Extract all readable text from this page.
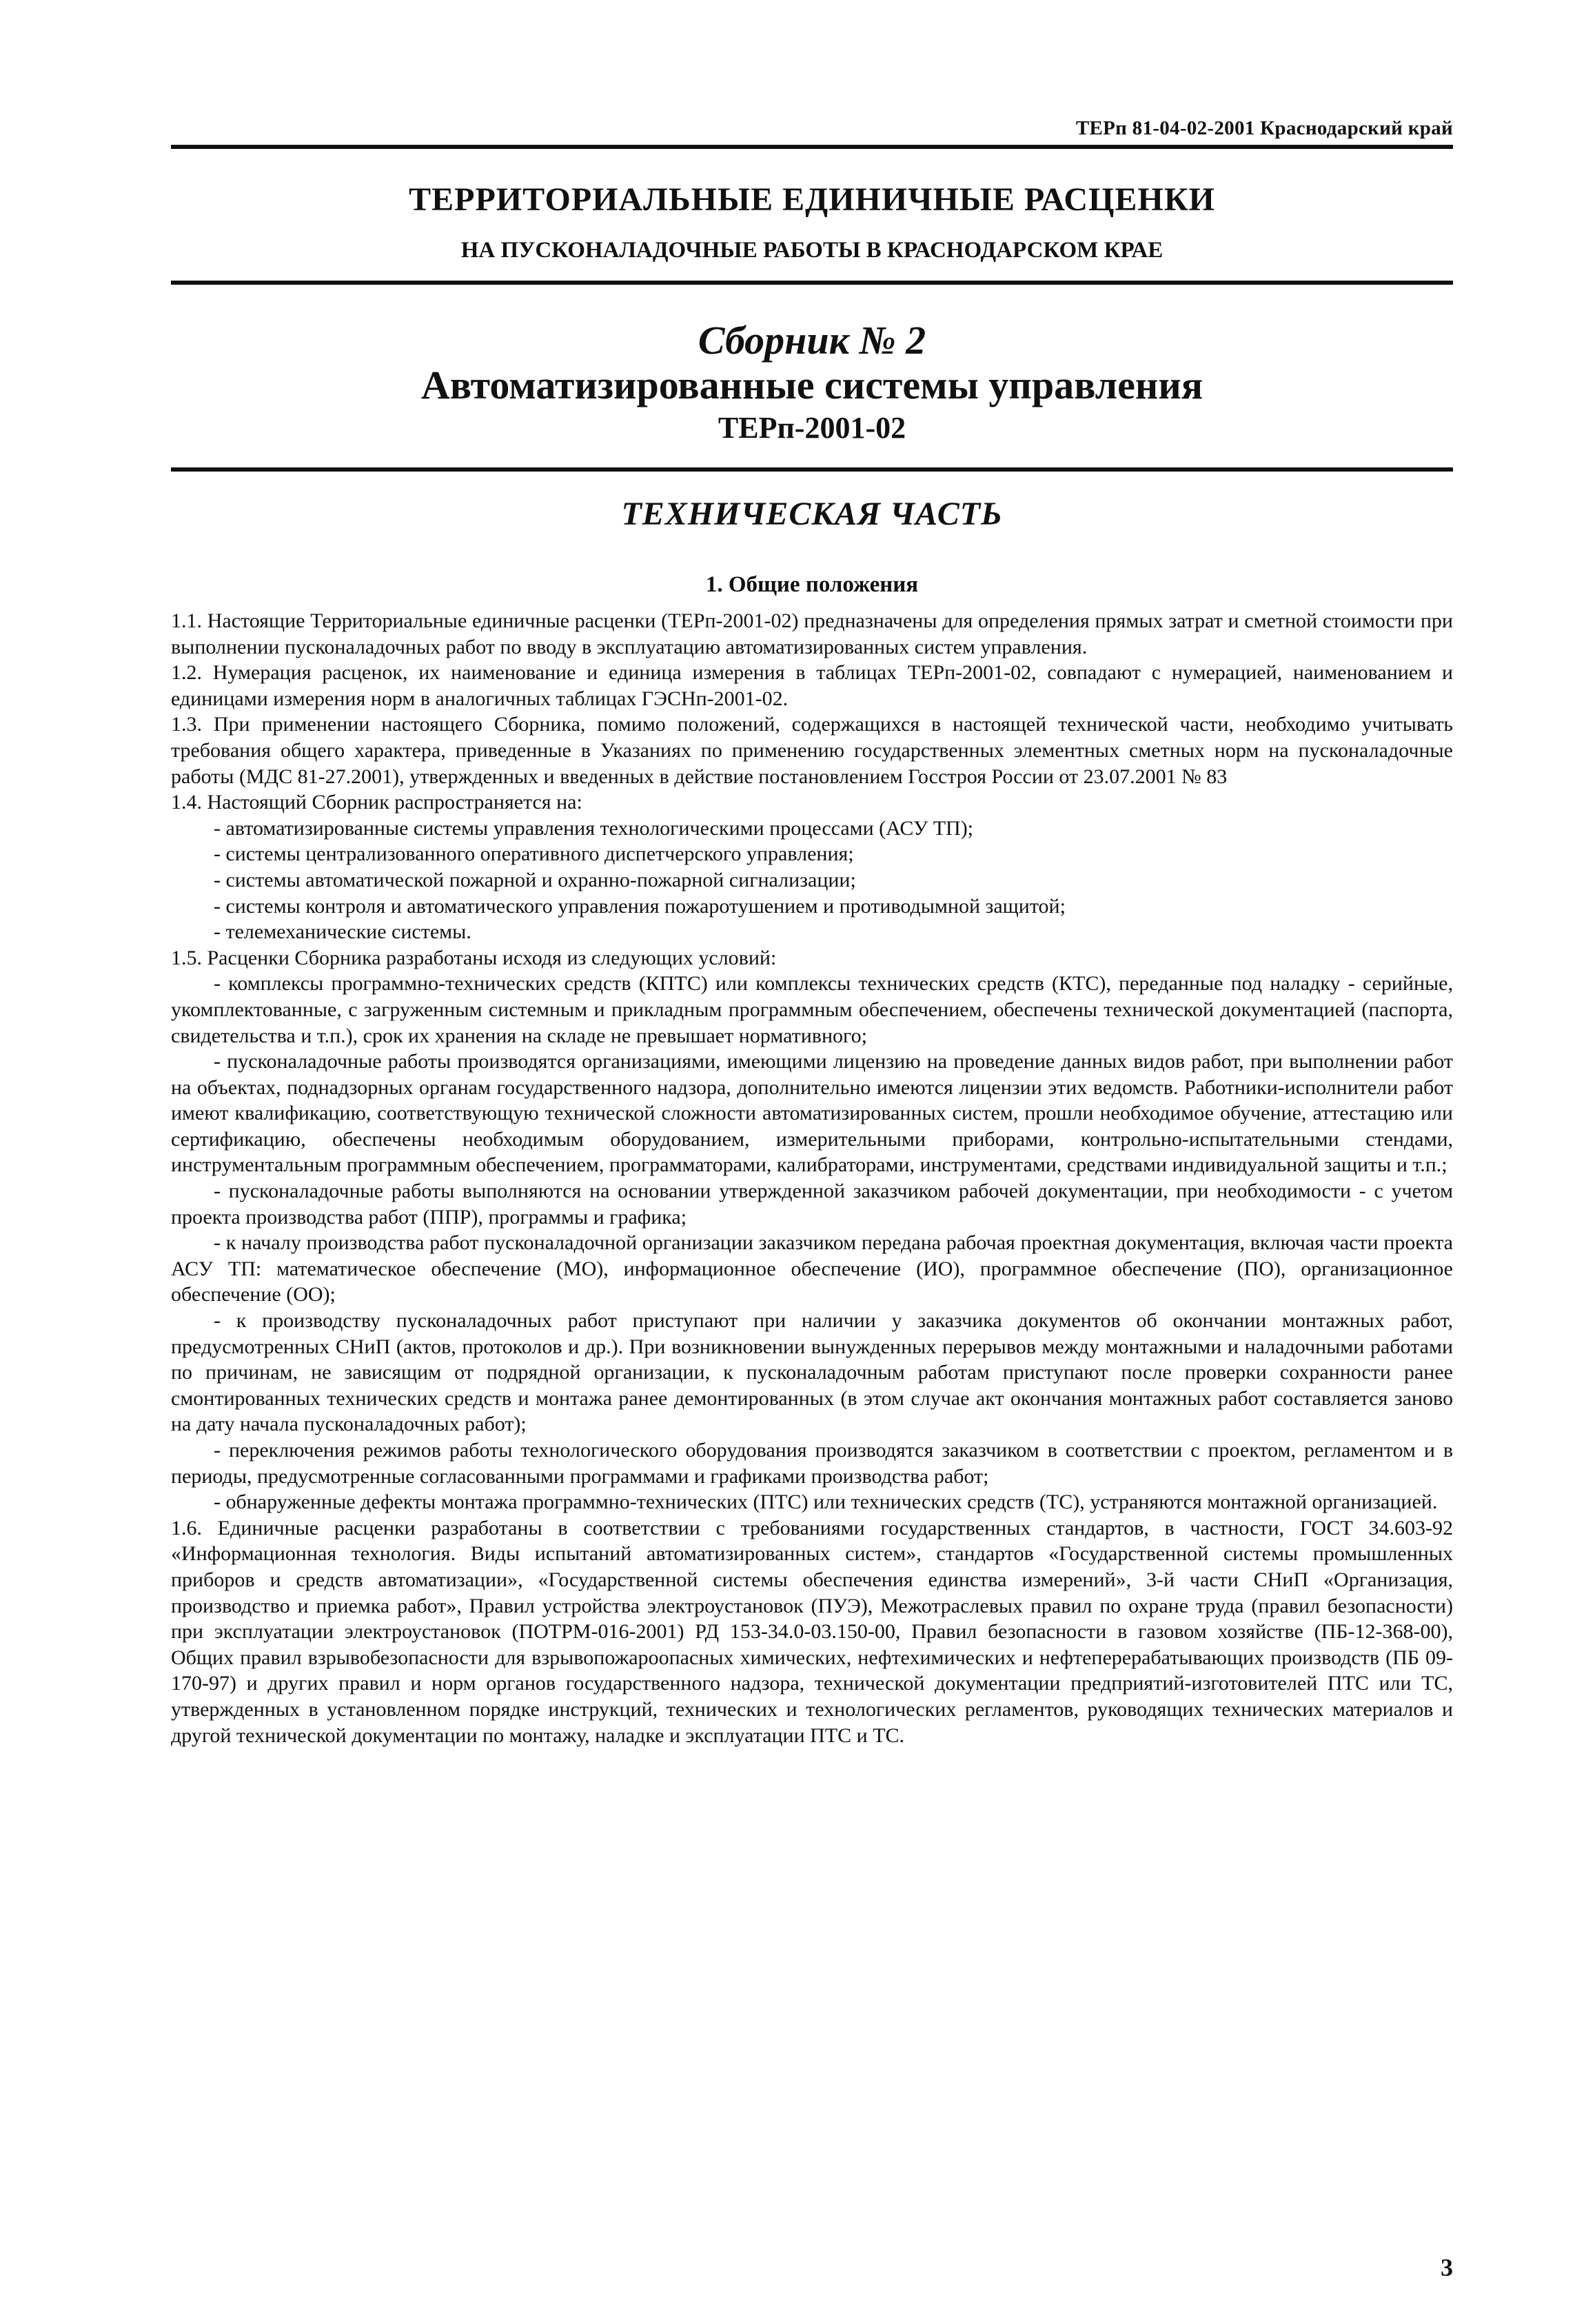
ТЕРп 81-04-02-2001 Краснодарский край
ТЕРРИТОРИАЛЬНЫЕ ЕДИНИЧНЫЕ РАСЦЕНКИ
НА ПУСКОНАЛАДОЧНЫЕ РАБОТЫ В КРАСНОДАРСКОМ КРАЕ
Сборник № 2
Автоматизированные системы управления
ТЕРп-2001-02
ТЕХНИЧЕСКАЯ ЧАСТЬ
1. Общие положения

1.1. Настоящие Территориальные единичные расценки (ТЕРп-2001-02) предназначены для определения прямых затрат и сметной стоимости при выполнении пусконаладочных работ по вводу в эксплуатацию автоматизированных систем управления.

1.2. Нумерация расценок, их наименование и единица измерения в таблицах ТЕРп-2001-02, совпадают с нумерацией, наименованием и единицами измерения норм в аналогичных таблицах ГЭСНп-2001-02.

1.3. При применении настоящего Сборника, помимо положений, содержащихся в настоящей технической части, необходимо учитывать требования общего характера, приведенные в Указаниях по применению государственных элементных сметных норм на пусконаладочные работы (МДС 81-27.2001), утвержденных и введенных в действие постановлением Госстроя России от 23.07.2001 № 83

1.4. Настоящий Сборник распространяется на:

- автоматизированные системы управления технологическими процессами (АСУ ТП);

- системы централизованного оперативного диспетчерского управления;

- системы автоматической пожарной и охранно-пожарной сигнализации;

- системы контроля и автоматического управления пожаротушением и противодымной защитой;

- телемеханические системы.

1.5. Расценки Сборника разработаны исходя из следующих условий:

- комплексы программно-технических средств (КПТС) или комплексы технических средств (КТС), переданные под наладку - серийные, укомплектованные, с загруженным системным и прикладным программным обеспечением, обеспечены технической документацией (паспорта, свидетельства и т.п.), срок их хранения на складе не превышает нормативного;

- пусконаладочные работы производятся организациями, имеющими лицензию на проведение данных видов работ, при выполнении работ на объектах, поднадзорных органам государственного надзора, дополнительно имеются лицензии этих ведомств. Работники-исполнители работ имеют квалификацию, соответствующую технической сложности автоматизированных систем, прошли необходимое обучение, аттестацию или сертификацию, обеспечены необходимым оборудованием, измерительными приборами, контрольно-испытательными стендами, инструментальным программным обеспечением, программаторами, калибраторами, инструментами, средствами индивидуальной защиты и т.п.;

- пусконаладочные работы выполняются на основании утвержденной заказчиком рабочей документации, при необходимости - с учетом проекта производства работ (ППР), программы и графика;

- к началу производства работ пусконаладочной организации заказчиком передана рабочая проектная документация, включая части проекта АСУ ТП: математическое обеспечение (МО), информационное обеспечение (ИО), программное обеспечение (ПО), организационное обеспечение (ОО);

- к производству пусконаладочных работ приступают при наличии у заказчика документов об окончании монтажных работ, предусмотренных СНиП (актов, протоколов и др.). При возникновении вынужденных перерывов между монтажными и наладочными работами по причинам, не зависящим от подрядной организации, к пусконаладочным работам приступают после проверки сохранности ранее смонтированных технических средств и монтажа ранее демонтированных (в этом случае акт окончания монтажных работ составляется заново на дату начала пусконаладочных работ);

- переключения режимов работы технологического оборудования производятся заказчиком в соответствии с проектом, регламентом и в периоды, предусмотренные согласованными программами и графиками производства работ;

- обнаруженные дефекты монтажа программно-технических (ПТС) или технических средств (ТС), устраняются монтажной организацией.

1.6. Единичные расценки разработаны в соответствии с требованиями государственных стандартов, в частности, ГОСТ 34.603-92 «Информационная технология. Виды испытаний автоматизированных систем», стандартов «Государственной системы промышленных приборов и средств автоматизации», «Государственной системы обеспечения единства измерений», 3-й части СНиП «Организация, производство и приемка работ», Правил устройства электроустановок (ПУЭ), Межотраслевых правил по охране труда (правил безопасности) при эксплуатации электроустановок (ПОТРМ-016-2001) РД 153-34.0-03.150-00, Правил безопасности в газовом хозяйстве (ПБ-12-368-00), Общих правил взрывобезопасности для взрывопожароопасных химических, нефтехимических и нефтеперерабатывающих производств (ПБ 09-170-97) и других правил и норм органов государственного надзора, технической документации предприятий-изготовителей ПТС или ТС, утвержденных в установленном порядке инструкций, технических и технологических регламентов, руководящих технических материалов и другой технической документации по монтажу, наладке и эксплуатации ПТС и ТС.

3
